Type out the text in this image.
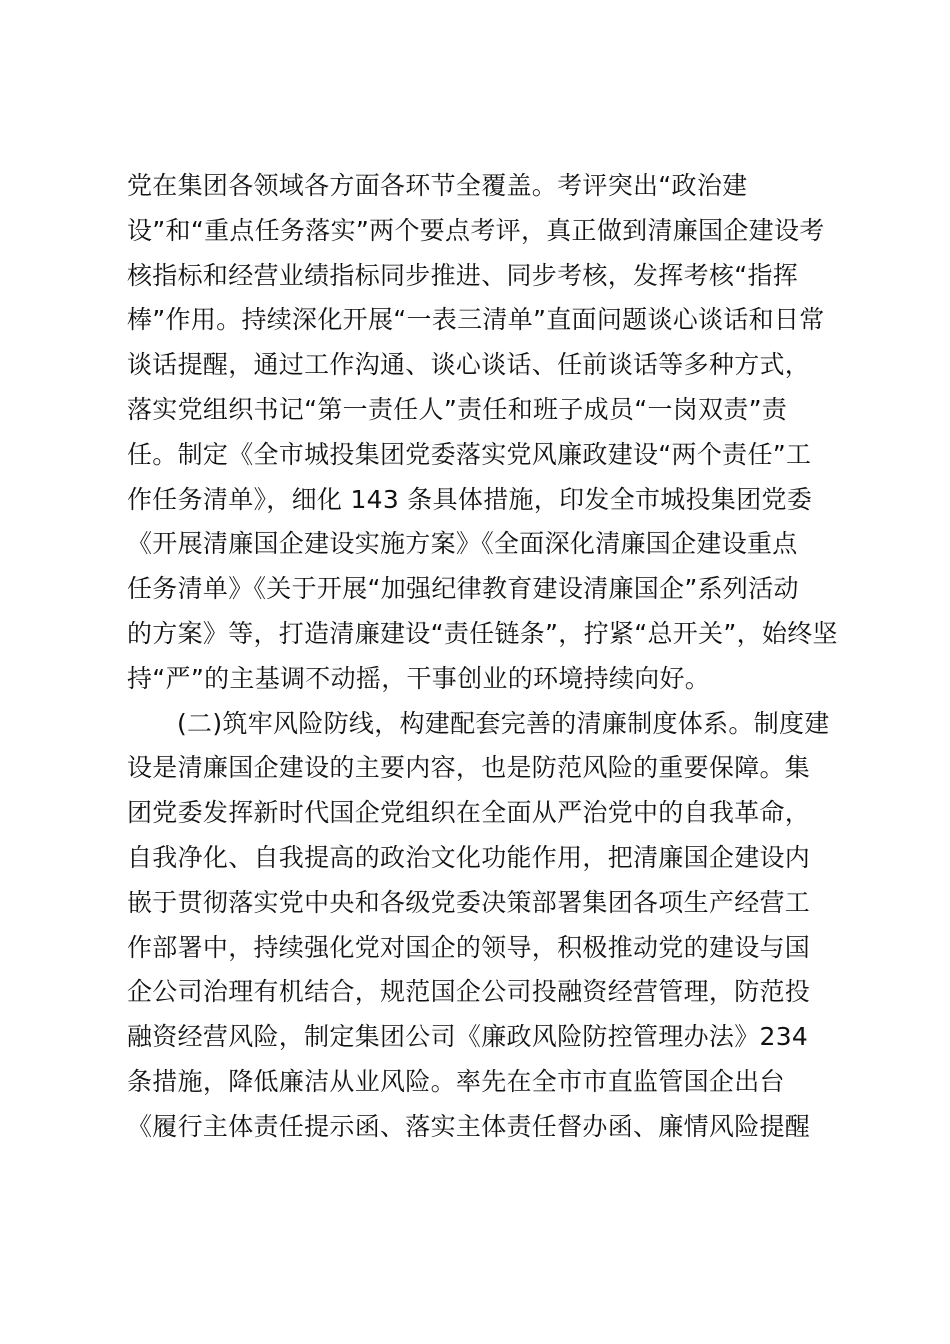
党在集团各领域各方面各环节全覆盖。考评突出“政治建
设”和“重点任务落实”两个要点考评，真正做到清廉国企建设考
核指标和经营业绩指标同步推进、同步考核，发挥考核“指挥
棒”作用。持续深化开展“一表三清单”直面问题谈心谈话和日常
谈话提醒，通过工作沟通、谈心谈话、任前谈话等多种方式，
落实党组织书记“第一责任人”责任和班子成员“一岗双责”责
任。制定《全市城投集团党委落实党风廉政建设“两个责任”工
作任务清单》，细化 143 条具体措施，印发全市城投集团党委
《开展清廉国企建设实施方案》《全面深化清廉国企建设重点
任务清单》《关于开展“加强纪律教育建设清廉国企”系列活动
的方案》等，打造清廉建设“责任链条”，拧紧“总开关”，始终坚
持“严”的主基调不动摇，干事创业的环境持续向好。
(二)筑牢风险防线，构建配套完善的清廉制度体系。制度建
设是清廉国企建设的主要内容，也是防范风险的重要保障。集
团党委发挥新时代国企党组织在全面从严治党中的自我革命，
自我净化、自我提高的政治文化功能作用，把清廉国企建设内
嵌于贯彻落实党中央和各级党委决策部署集团各项生产经营工
作部署中，持续强化党对国企的领导，积极推动党的建设与国
企公司治理有机结合，规范国企公司投融资经营管理，防范投
融资经营风险，制定集团公司《廉政风险防控管理办法》234
条措施，降低廉洁从业风险。率先在全市市直监管国企出台
《履行主体责任提示函、落实主体责任督办函、廉情风险提醒
